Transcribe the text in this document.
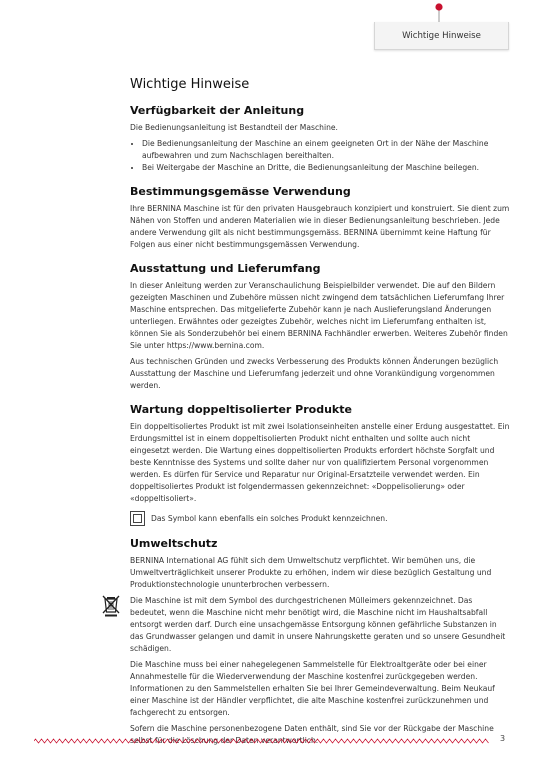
Wichtige Hinweise
Wichtige Hinweise
Verfügbarkeit der Anleitung

Die Bedienungsanleitung ist Bestandteil der Maschine.

• Die Bedienungsanleitung der Maschine an einem geeigneten Ort in der Nähe der Maschine aufbewahren und zum Nachschlagen bereithalten.
• Bei Weitergabe der Maschine an Dritte, die Bedienungsanleitung der Maschine beilegen.
Bestimmungsgemässe Verwendung

Ihre BERNINA Maschine ist für den privaten Hausgebrauch konzipiert und konstruiert. Sie dient zum Nähen von Stoffen und anderen Materialien wie in dieser Bedienungsanleitung beschrieben. Jede andere Verwendung gilt als nicht bestimmungsgemäss. BERNINA übernimmt keine Haftung für Folgen aus einer nicht bestimmungsgemässen Verwendung.

Ausstattung und Lieferumfang

In dieser Anleitung werden zur Veranschaulichung Beispielbilder verwendet. Die auf den Bildern gezeigten Maschinen und Zubehöre müssen nicht zwingend dem tatsächlichen Lieferumfang Ihrer Maschine entsprechen. Das mitgelieferte Zubehör kann je nach Auslieferungsland Änderungen unterliegen. Erwähntes oder gezeigtes Zubehör, welches nicht im Lieferumfang enthalten ist, können Sie als Sonderzubehör bei einem BERNINA Fachhändler erwerben. Weiteres Zubehör finden Sie unter https://www.bernina.com.

Aus technischen Gründen und zwecks Verbesserung des Produkts können Änderungen bezüglich Ausstattung der Maschine und Lieferumfang jederzeit und ohne Vorankündigung vorgenommen werden.

Wartung doppeltisolierter Produkte

Ein doppeltisoliertes Produkt ist mit zwei Isolationseinheiten anstelle einer Erdung ausgestattet. Ein Erdungsmittel ist in einem doppeltisolierten Produkt nicht enthalten und sollte auch nicht eingesetzt werden. Die Wartung eines doppeltisolierten Produkts erfordert höchste Sorgfalt und beste Kenntnisse des Systems und sollte daher nur von qualifiziertem Personal vorgenommen werden. Es dürfen für Service und Reparatur nur Original-Ersatzteile verwendet werden. Ein doppeltisoliertes Produkt ist folgendermassen gekennzeichnet: «Doppelisolierung» oder «doppeltisoliert».

Das Symbol kann ebenfalls ein solches Produkt kennzeichnen.

Umweltschutz

BERNINA International AG fühlt sich dem Umweltschutz verpflichtet. Wir bemühen uns, die Umweltverträglichkeit unserer Produkte zu erhöhen, indem wir diese bezüglich Gestaltung und Produktionstechnologie ununterbrochen verbessern.

Die Maschine ist mit dem Symbol des durchgestrichenen Mülleimers gekennzeichnet. Das bedeutet, wenn die Maschine nicht mehr benötigt wird, die Maschine nicht im Haushaltsabfall entsorgt werden darf. Durch eine unsachgemässe Entsorgung können gefährliche Substanzen in das Grundwasser gelangen und damit in unsere Nahrungskette geraten und so unsere Gesundheit schädigen.

Die Maschine muss bei einer nahegelegenen Sammelstelle für Elektroaltgeräte oder bei einer Annahmestelle für die Wiederverwendung der Maschine kostenfrei zurückgegeben werden. Informationen zu den Sammelstellen erhalten Sie bei Ihrer Gemeindeverwaltung. Beim Neukauf einer Maschine ist der Händler verpflichtet, die alte Maschine kostenfrei zurückzunehmen und fachgerecht zu entsorgen.

Sofern die Maschine personenbezogene Daten enthält, sind Sie vor der Rückgabe der Maschine selbst für die Löschung der Daten verantwortlich.	3
